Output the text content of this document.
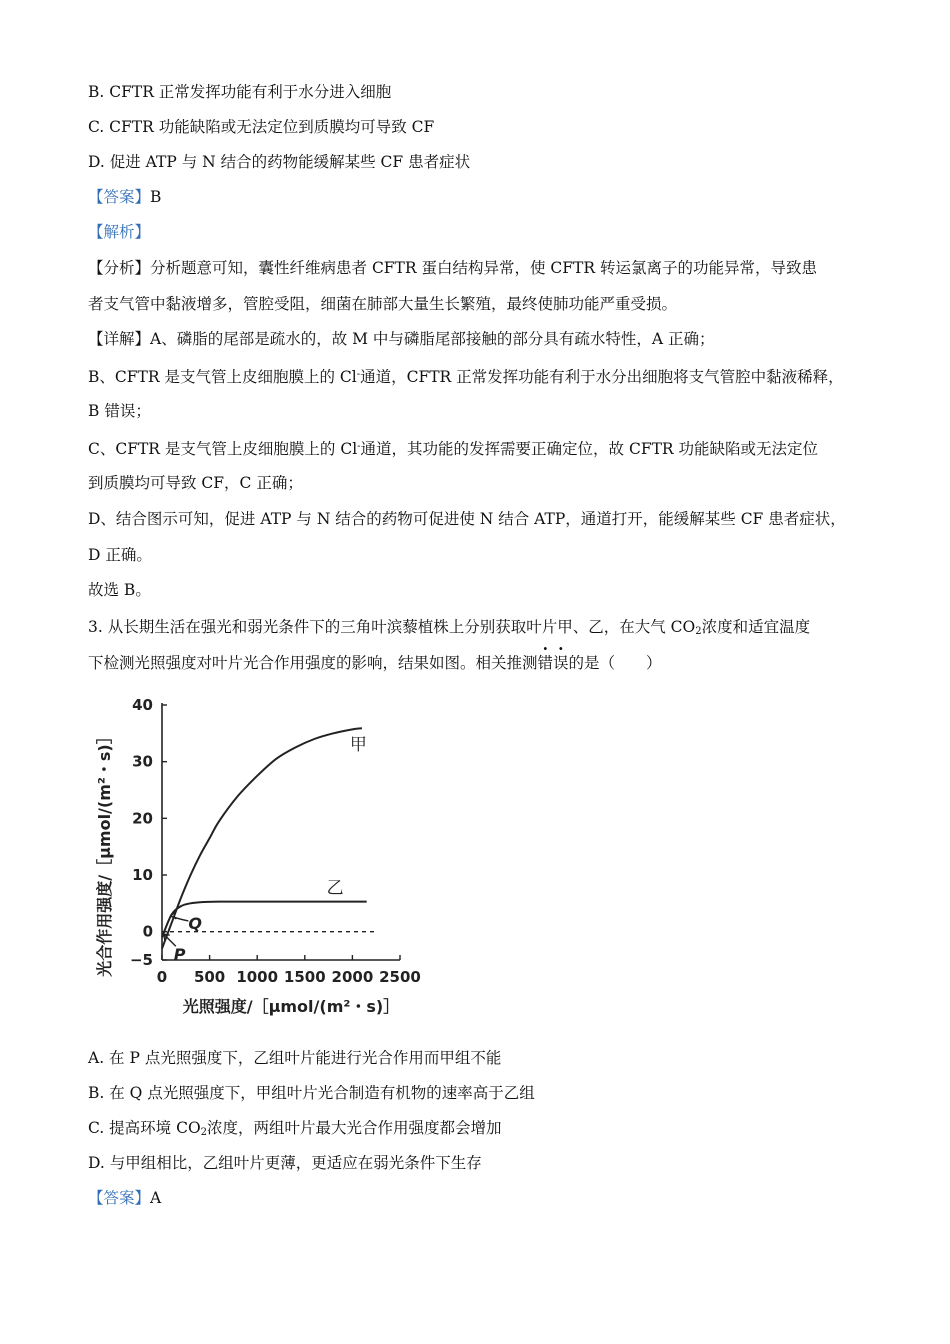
B. CFTR 正常发挥功能有利于水分进入细胞
C. CFTR 功能缺陷或无法定位到质膜均可导致 CF
D. 促进 ATP 与 N 结合的药物能缓解某些 CF 患者症状
【答案】B
【解析】
【分析】分析题意可知，囊性纤维病患者 CFTR 蛋白结构异常，使 CFTR 转运氯离子的功能异常，导致患
者支气管中黏液增多，管腔受阻，细菌在肺部大量生长繁殖，最终使肺功能严重受损。
【详解】A、磷脂的尾部是疏水的，故 M 中与磷脂尾部接触的部分具有疏水特性，A 正确；
B、CFTR 是支气管上皮细胞膜上的 Cl-通道，CFTR 正常发挥功能有利于水分出细胞将支气管腔中黏液稀释，
B 错误；
C、CFTR 是支气管上皮细胞膜上的 Cl-通道，其功能的发挥需要正确定位，故 CFTR 功能缺陷或无法定位
到质膜均可导致 CF，C 正确；
D、结合图示可知，促进 ATP 与 N 结合的药物可促进使 N 结合 ATP，通道打开，能缓解某些 CF 患者症状，
D 正确。
故选 B。
3. 从长期生活在强光和弱光条件下的三角叶滨藜植株上分别获取叶片甲、乙，在大气 $CO_2$浓度和适宜温度
下检测光照强度对叶片光合作用强度的影响，结果如图。相关推测错误的是（　　）
0 500 1000 1500 2000 2500
−5
0
10
20
30
40
甲
乙
Q
P
光照强度/［μmol/(m²・s)］
光合作用强度/［μmol/(m²・s)］
A. 在 P 点光照强度下，乙组叶片能进行光合作用而甲组不能
B. 在 Q 点光照强度下，甲组叶片光合制造有机物的速率高于乙组
C. 提高环境 $CO_2$浓度，两组叶片最大光合作用强度都会增加
D. 与甲组相比，乙组叶片更薄，更适应在弱光条件下生存
【答案】A
